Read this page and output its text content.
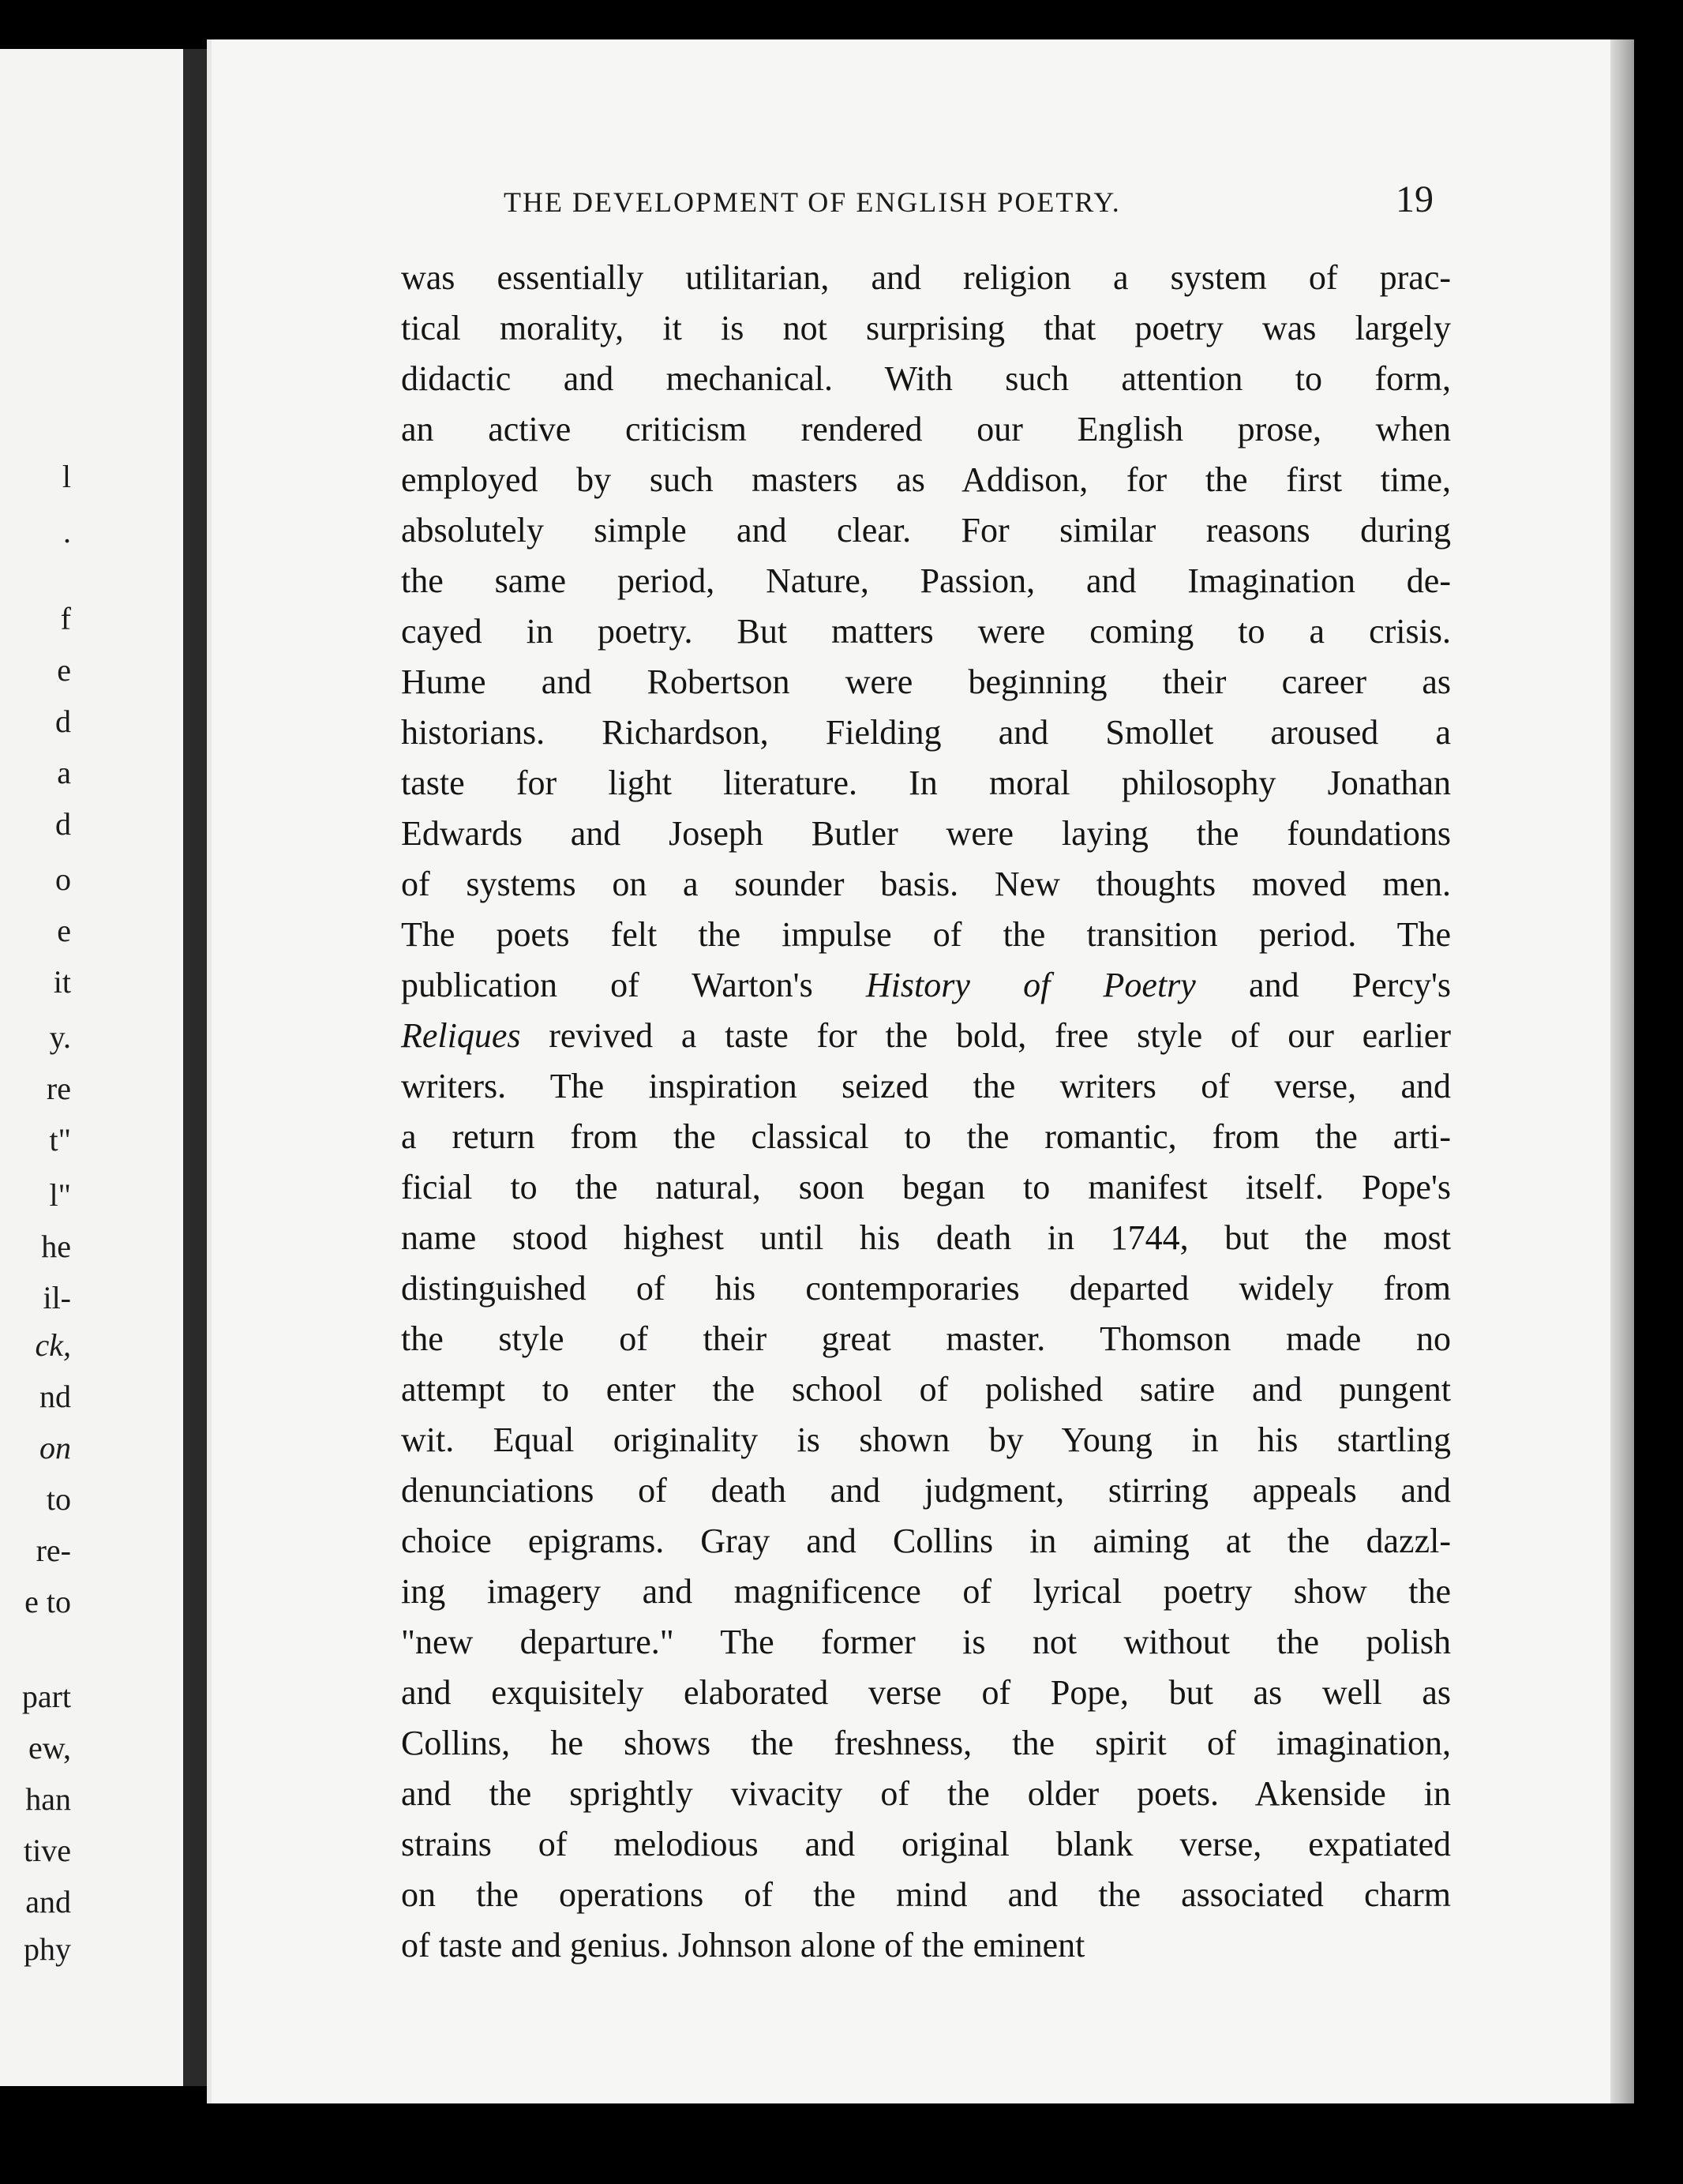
l
.
f
e
d
a
d
o
e
it
y.
re
t"
l"
he
il-
ck,
nd
on
to
re-
e to
part
ew,
han
tive
and
phy
THE DEVELOPMENT OF ENGLISH POETRY.	19
was essentially utilitarian, and religion a system of prac-
tical morality, it is not surprising that poetry was largely
didactic and mechanical. With such attention to form,
an active criticism rendered our English prose, when
employed by such masters as Addison, for the first time,
absolutely simple and clear. For similar reasons during
the same period, Nature, Passion, and Imagination de-
cayed in poetry. But matters were coming to a crisis.
Hume and Robertson were beginning their career as
historians. Richardson, Fielding and Smollet aroused a
taste for light literature. In moral philosophy Jonathan
Edwards and Joseph Butler were laying the foundations
of systems on a sounder basis. New thoughts moved men.
The poets felt the impulse of the transition period. The
publication of Warton's History of Poetry and Percy's
Reliques revived a taste for the bold, free style of our earlier
writers. The inspiration seized the writers of verse, and
a return from the classical to the romantic, from the arti-
ficial to the natural, soon began to manifest itself. Pope's
name stood highest until his death in 1744, but the most
distinguished of his contemporaries departed widely from
the style of their great master. Thomson made no
attempt to enter the school of polished satire and pungent
wit. Equal originality is shown by Young in his startling
denunciations of death and judgment, stirring appeals and
choice epigrams. Gray and Collins in aiming at the dazzl-
ing imagery and magnificence of lyrical poetry show the
"new departure." The former is not without the polish
and exquisitely elaborated verse of Pope, but as well as
Collins, he shows the freshness, the spirit of imagination,
and the sprightly vivacity of the older poets. Akenside in
strains of melodious and original blank verse, expatiated
on the operations of the mind and the associated charm
of taste and genius. Johnson alone of the eminent
